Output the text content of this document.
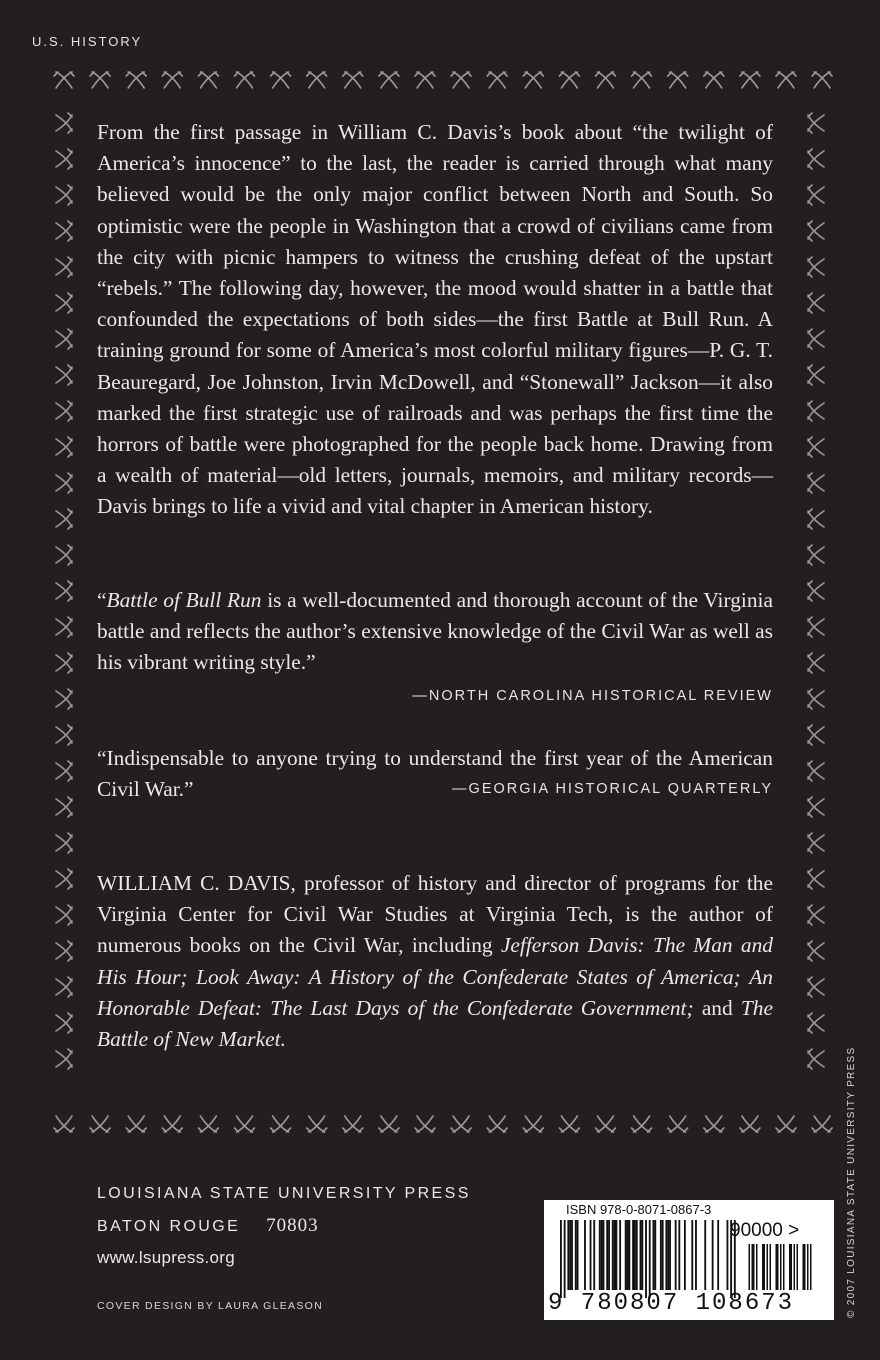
U.S. HISTORY

From the first passage in William C. Davis’s book about “the twilight of America’s innocence” to the last, the reader is carried through what many believed would be the only major conflict between North and South. So optimistic were the people in Washington that a crowd of civilians came from the city with picnic hampers to witness the crushing defeat of the upstart “rebels.” The following day, however, the mood would shatter in a battle that confounded the expectations of both sides—the first Battle at Bull Run. A training ground for some of America’s most colorful military figures—P. G. T. Beauregard, Joe Johnston, Irvin McDowell, and “Stonewall” Jackson—it also marked the first strategic use of railroads and was perhaps the first time the horrors of battle were photographed for the people back home. Drawing from a wealth of material—old letters, journals, memoirs, and military records—Davis brings to life a vivid and vital chapter in American history.

“Battle of Bull Run is a well-documented and thorough account of the Virginia battle and reflects the author’s extensive knowledge of the Civil War as well as his vibrant writing style.”

—NORTH CAROLINA HISTORICAL REVIEW

“Indispensable to anyone trying to understand the first year of the American Civil War.”	—GEORGIA HISTORICAL QUARTERLY

WILLIAM C. DAVIS, professor of history and director of programs for the Virginia Center for Civil War Studies at Virginia Tech, is the author of numerous books on the Civil War, including Jefferson Davis: The Man and His Hour; Look Away: A History of the Confederate States of America; An Honorable Defeat: The Last Days of the Confederate Government; and The Battle of New Market.

LOUISIANA STATE UNIVERSITY PRESS
BATON ROUGE 70803
www.lsupress.org
COVER DESIGN BY LAURA GLEASON	© 2007 LOUISIANA STATE UNIVERSITY PRESS
ISBN 978-0-8071-0867-3
90000 >
9 780807 108673
